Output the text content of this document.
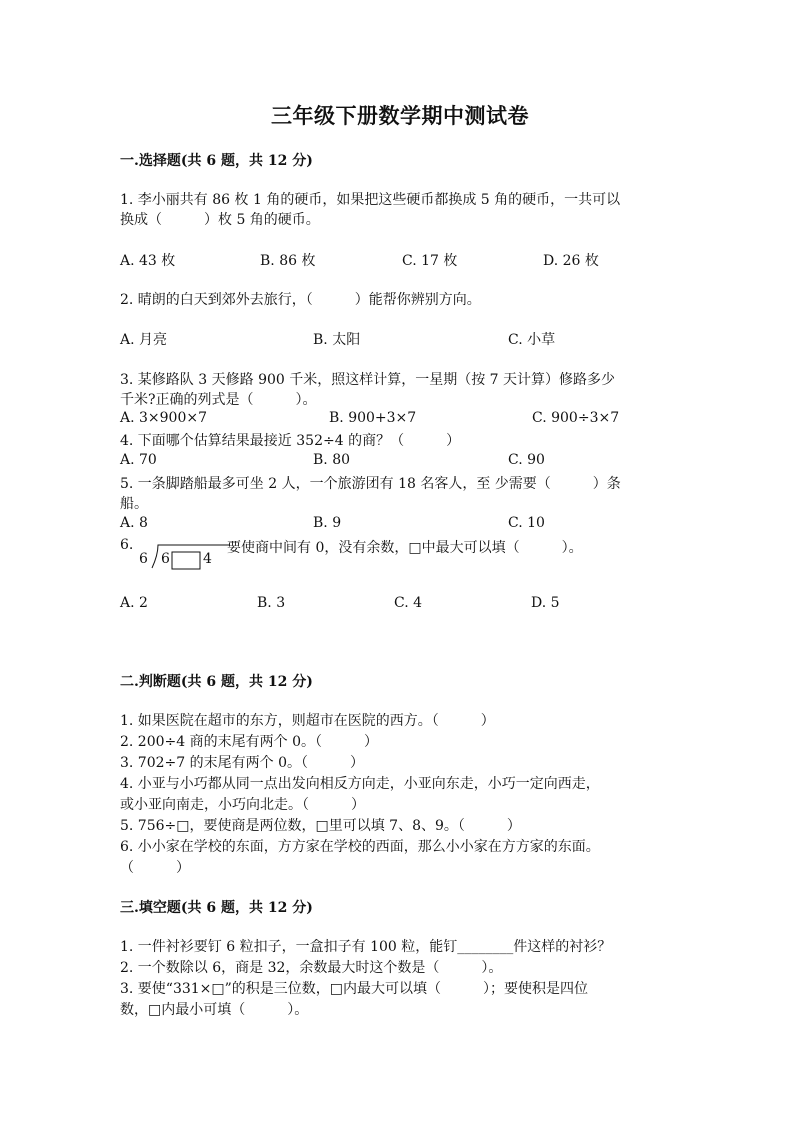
三年级下册数学期中测试卷
一.选择题(共 6 题，共 12 分)
1. 李小丽共有 86 枚 1 角的硬币，如果把这些硬币都换成 5 角的硬币，一共可以
换成（　　　）枚 5 角的硬币。
A. 43 枚	B. 86 枚	C. 17 枚	D. 26 枚
2. 晴朗的白天到郊外去旅行，（　　　）能帮你辨别方向。
A. 月亮	B. 太阳	C. 小草
3. 某修路队 3 天修路 900 千米，照这样计算，一星期（按 7 天计算）修路多少
千米?正确的列式是（　　　）。
A. 3×900×7	B. 900+3×7	C. 900÷3×7
4. 下面哪个估算结果最接近 352÷4 的商？（　　　）
A. 70	B. 80	C. 90
5. 一条脚踏船最多可坐 2 人，一个旅游团有 18 名客人，至 少需要（　　　）条
船。
A. 8	B. 9	C. 10
6.
6 6 4
要使商中间有 0，没有余数，□中最大可以填（　　　）。
A. 2	B. 3	C. 4	D. 5
二.判断题(共 6 题，共 12 分)
1. 如果医院在超市的东方，则超市在医院的西方。（　　　）
2. 200÷4 商的末尾有两个 0。（　　　）
3. 702÷7 的末尾有两个 0。（　　　）
4. 小亚与小巧都从同一点出发向相反方向走，小亚向东走，小巧一定向西走，
或小亚向南走，小巧向北走。（　　　）
5. 756÷□，要使商是两位数，□里可以填 7、8、9。（　　　）
6. 小小家在学校的东面，方方家在学校的西面，那么小小家在方方家的东面。
（　　　）
三.填空题(共 6 题，共 12 分)
1. 一件衬衫要钉 6 粒扣子，一盒扣子有 100 粒，能钉________件这样的衬衫？
2. 一个数除以 6，商是 32，余数最大时这个数是（　　　）。
3. 要使“331×□”的积是三位数，□内最大可以填（　　　）；要使积是四位
数，□内最小可填（　　　）。
